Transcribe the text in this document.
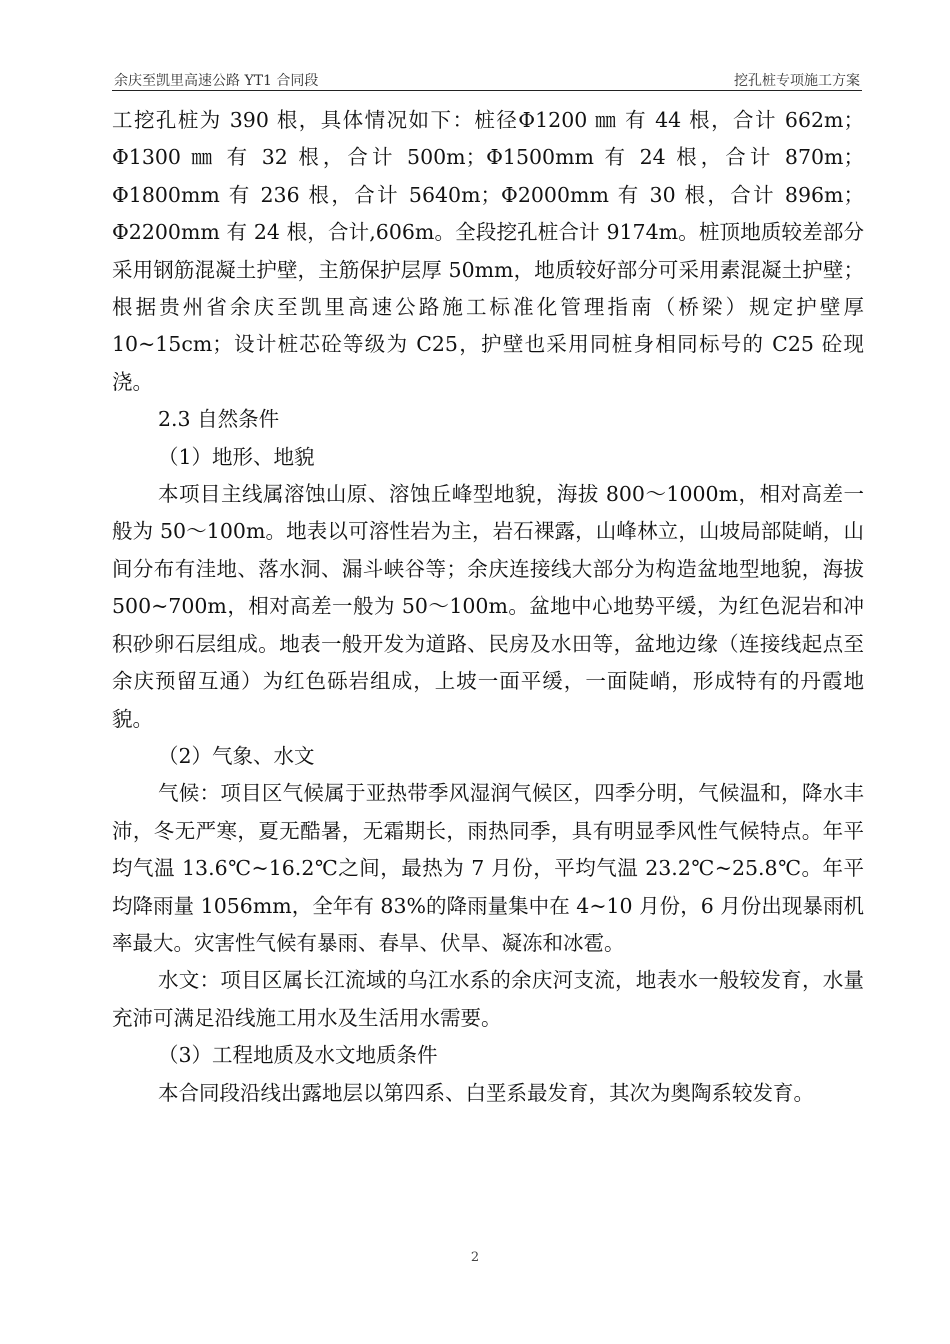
余庆至凯里高速公路 YT1 合同段	挖孔桩专项施工方案

工挖孔桩为 390 根，具体情况如下：桩径Φ1200 ㎜ 有 44 根，合计 662m；Φ1300 ㎜ 有 32 根，合计 500m；Φ1500mm 有 24 根，合计 870m；Φ1800mm 有 236 根，合计 5640m；Φ2000mm 有 30 根，合计 896m；Φ2200mm 有 24 根，合计,606m。全段挖孔桩合计 9174m。桩顶地质较差部分采用钢筋混凝土护壁，主筋保护层厚 50mm，地质较好部分可采用素混凝土护壁；根据贵州省余庆至凯里高速公路施工标准化管理指南（桥梁）规定护壁厚 10~15cm；设计桩芯砼等级为 C25，护壁也采用同桩身相同标号的 C25 砼现浇。

2.3 自然条件

（1）地形、地貌

本项目主线属溶蚀山原、溶蚀丘峰型地貌，海拔 800～1000m，相对高差一般为 50～100m。地表以可溶性岩为主，岩石裸露，山峰林立，山坡局部陡峭，山间分布有洼地、落水洞、漏斗峡谷等；余庆连接线大部分为构造盆地型地貌，海拔 500~700m，相对高差一般为 50～100m。盆地中心地势平缓，为红色泥岩和冲积砂卵石层组成。地表一般开发为道路、民房及水田等，盆地边缘（连接线起点至余庆预留互通）为红色砾岩组成，上坡一面平缓，一面陡峭，形成特有的丹霞地貌。

（2）气象、水文

气候：项目区气候属于亚热带季风湿润气候区，四季分明，气候温和，降水丰沛，冬无严寒，夏无酷暑，无霜期长，雨热同季，具有明显季风性气候特点。年平均气温 13.6℃~16.2℃之间，最热为 7 月份，平均气温 23.2℃~25.8℃。年平均降雨量 1056mm，全年有 83%的降雨量集中在 4~10 月份，6 月份出现暴雨机率最大。灾害性气候有暴雨、春旱、伏旱、凝冻和冰雹。

水文：项目区属长江流域的乌江水系的余庆河支流，地表水一般较发育，水量充沛可满足沿线施工用水及生活用水需要。

（3）工程地质及水文地质条件

本合同段沿线出露地层以第四系、白垩系最发育，其次为奥陶系较发育。

2
